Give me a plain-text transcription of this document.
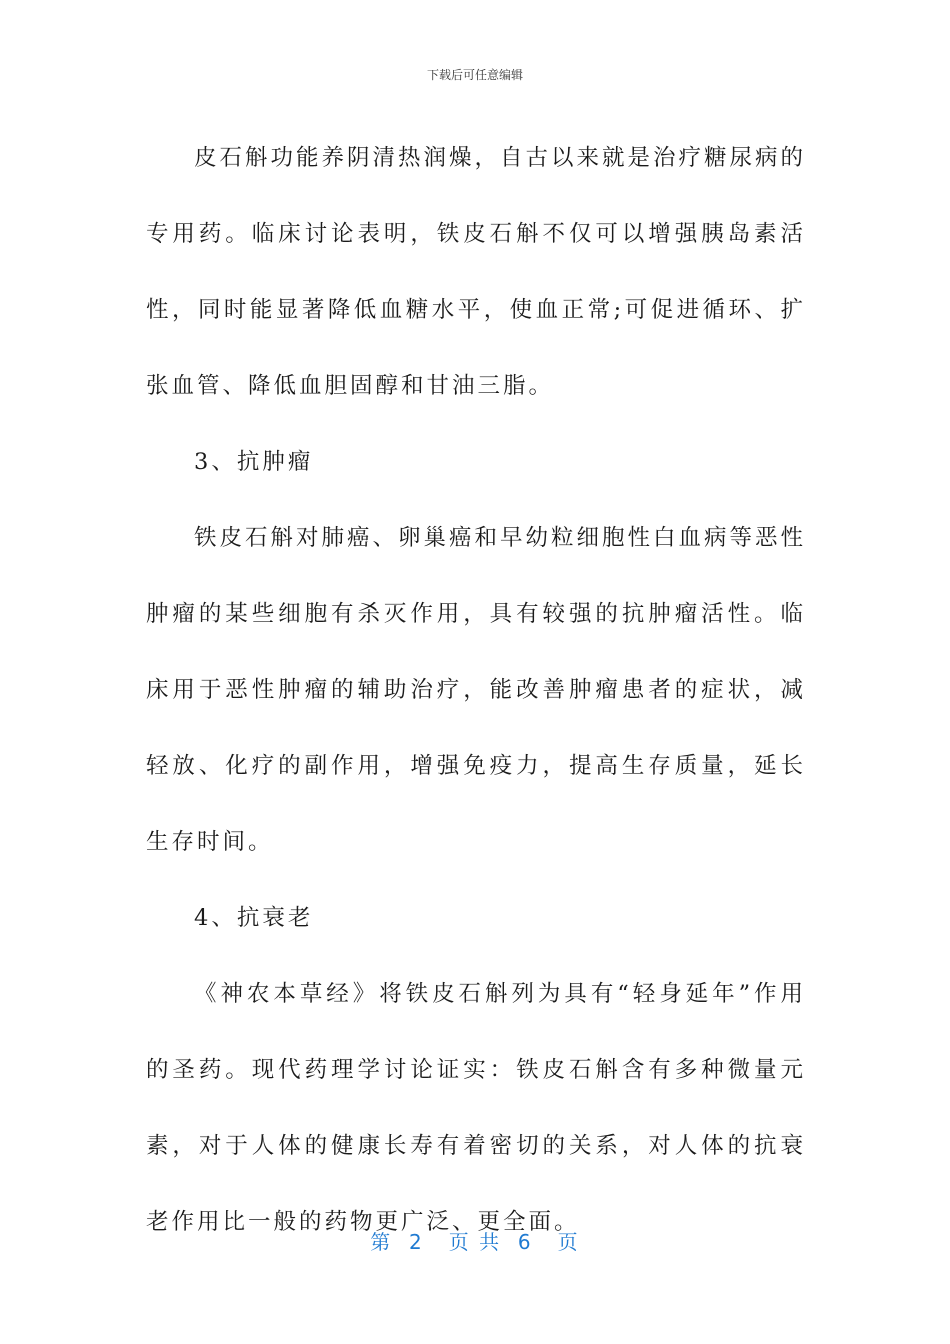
下载后可任意编辑

皮石斛功能养阴清热润燥，自古以来就是治疗糖尿病的专用药。临床讨论表明，铁皮石斛不仅可以增强胰岛素活性，同时能显著降低血糖水平，使血正常;可促进循环、扩张血管、降低血胆固醇和甘油三脂。

3、抗肿瘤

铁皮石斛对肺癌、卵巢癌和早幼粒细胞性白血病等恶性肿瘤的某些细胞有杀灭作用，具有较强的抗肿瘤活性。临床用于恶性肿瘤的辅助治疗，能改善肿瘤患者的症状，减轻放、化疗的副作用，增强免疫力，提高生存质量，延长生存时间。

4、抗衰老

《神农本草经》将铁皮石斛列为具有“轻身延年”作用的圣药。现代药理学讨论证实：铁皮石斛含有多种微量元素，对于人体的健康长寿有着密切的关系，对人体的抗衰老作用比一般的药物更广泛、更全面。

第  2   页 共  6   页
